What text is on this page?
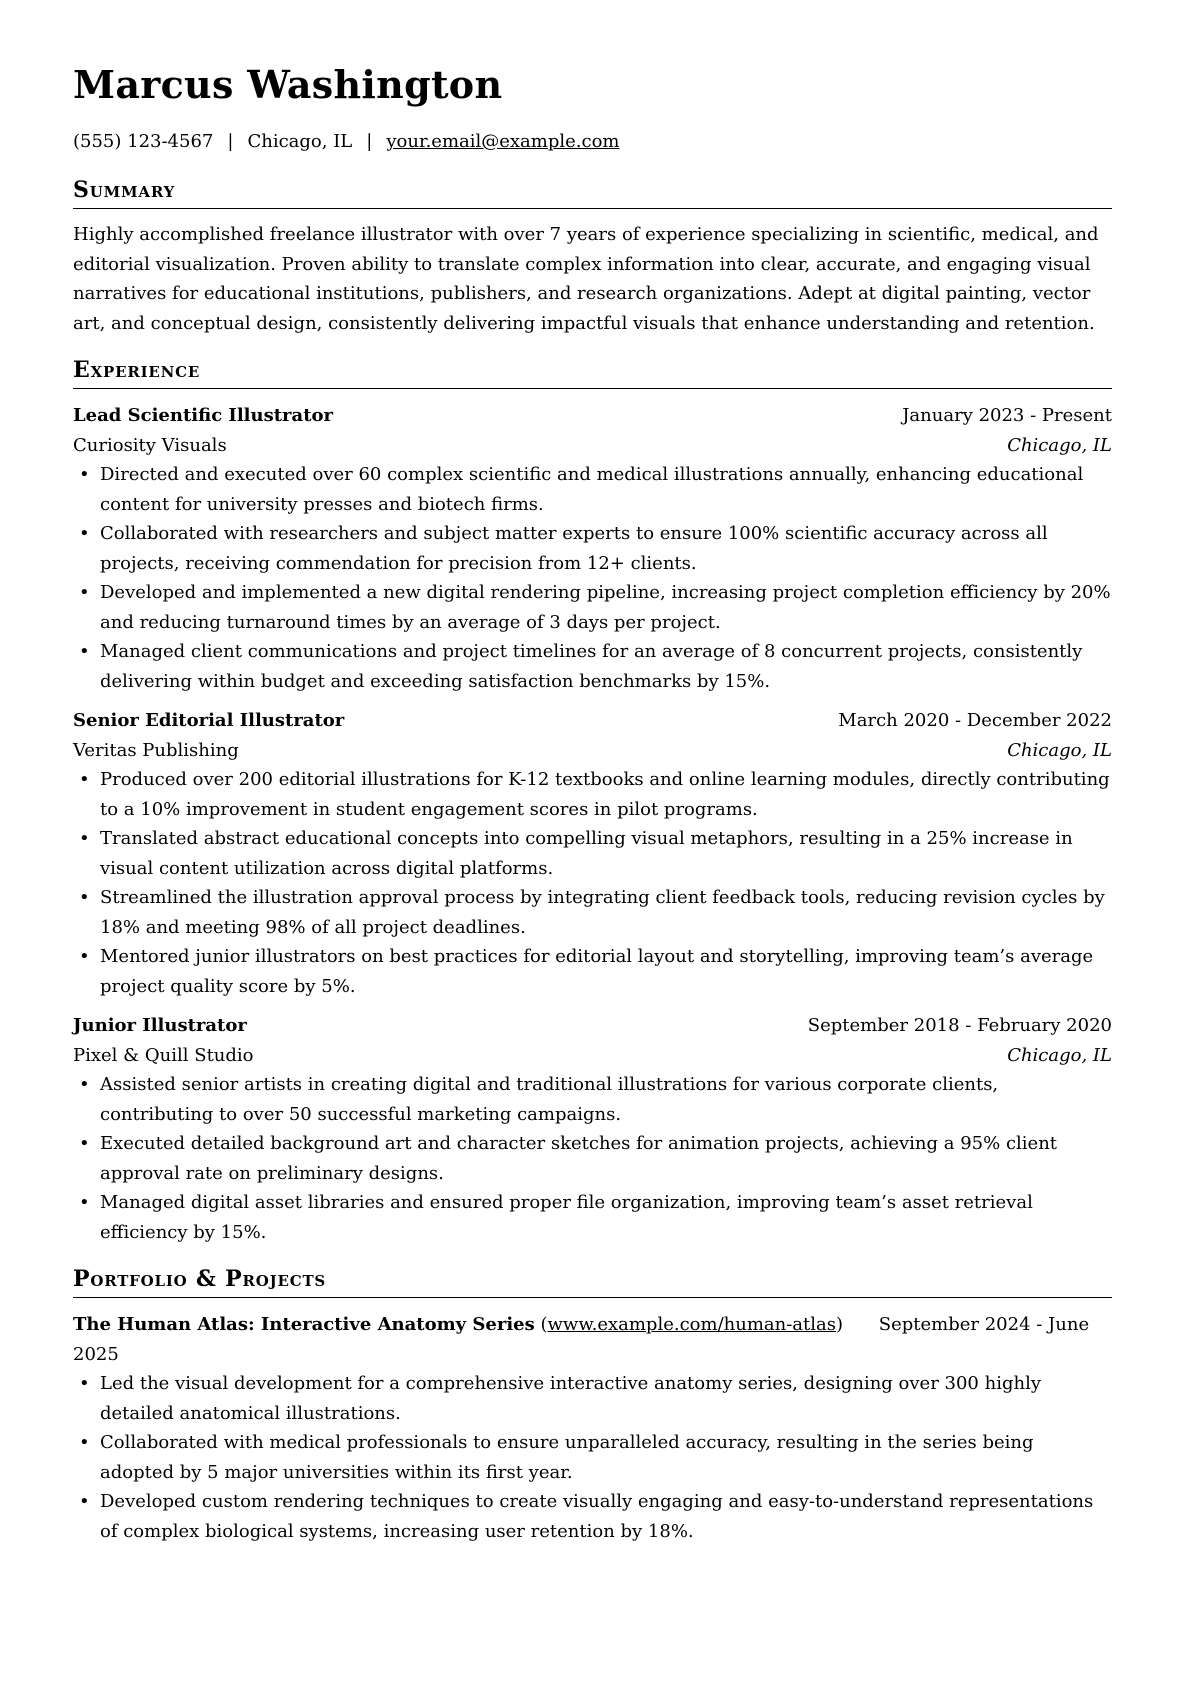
Marcus Washington
(555) 123-4567 | Chicago, IL | your.email@example.com
Summary

Highly accomplished freelance illustrator with over 7 years of experience specializing in scientific, medical, and editorial visualization. Proven ability to translate complex information into clear, accurate, and engaging visual narratives for educational institutions, publishers, and research organizations. Adept at digital painting, vector art, and conceptual design, consistently delivering impactful visuals that enhance understanding and retention.

Experience
Lead Scientific Illustrator	January 2023 - Present
Curiosity Visuals	Chicago, IL
• Directed and executed over 60 complex scientific and medical illustrations annually, enhancing educational content for university presses and biotech firms.
• Collaborated with researchers and subject matter experts to ensure 100% scientific accuracy across all projects, receiving commendation for precision from 12+ clients.
• Developed and implemented a new digital rendering pipeline, increasing project completion efficiency by 20% and reducing turnaround times by an average of 3 days per project.
• Managed client communications and project timelines for an average of 8 concurrent projects, consistently delivering within budget and exceeding satisfaction benchmarks by 15%.
Senior Editorial Illustrator	March 2020 - December 2022
Veritas Publishing	Chicago, IL
• Produced over 200 editorial illustrations for K-12 textbooks and online learning modules, directly contributing to a 10% improvement in student engagement scores in pilot programs.
• Translated abstract educational concepts into compelling visual metaphors, resulting in a 25% increase in visual content utilization across digital platforms.
• Streamlined the illustration approval process by integrating client feedback tools, reducing revision cycles by 18% and meeting 98% of all project deadlines.
• Mentored junior illustrators on best practices for editorial layout and storytelling, improving team’s average project quality score by 5%.
Junior Illustrator	September 2018 - February 2020
Pixel & Quill Studio	Chicago, IL
• Assisted senior artists in creating digital and traditional illustrations for various corporate clients, contributing to over 50 successful marketing campaigns.
• Executed detailed background art and character sketches for animation projects, achieving a 95% client approval rate on preliminary designs.
• Managed digital asset libraries and ensured proper file organization, improving team’s asset retrieval efficiency by 15%.
Portfolio & Projects
The Human Atlas: Interactive Anatomy Series (www.example.com/human-atlas) September 2024 - June 2025
• Led the visual development for a comprehensive interactive anatomy series, designing over 300 highly detailed anatomical illustrations.
• Collaborated with medical professionals to ensure unparalleled accuracy, resulting in the series being adopted by 5 major universities within its first year.
• Developed custom rendering techniques to create visually engaging and easy-to-understand representations of complex biological systems, increasing user retention by 18%.
